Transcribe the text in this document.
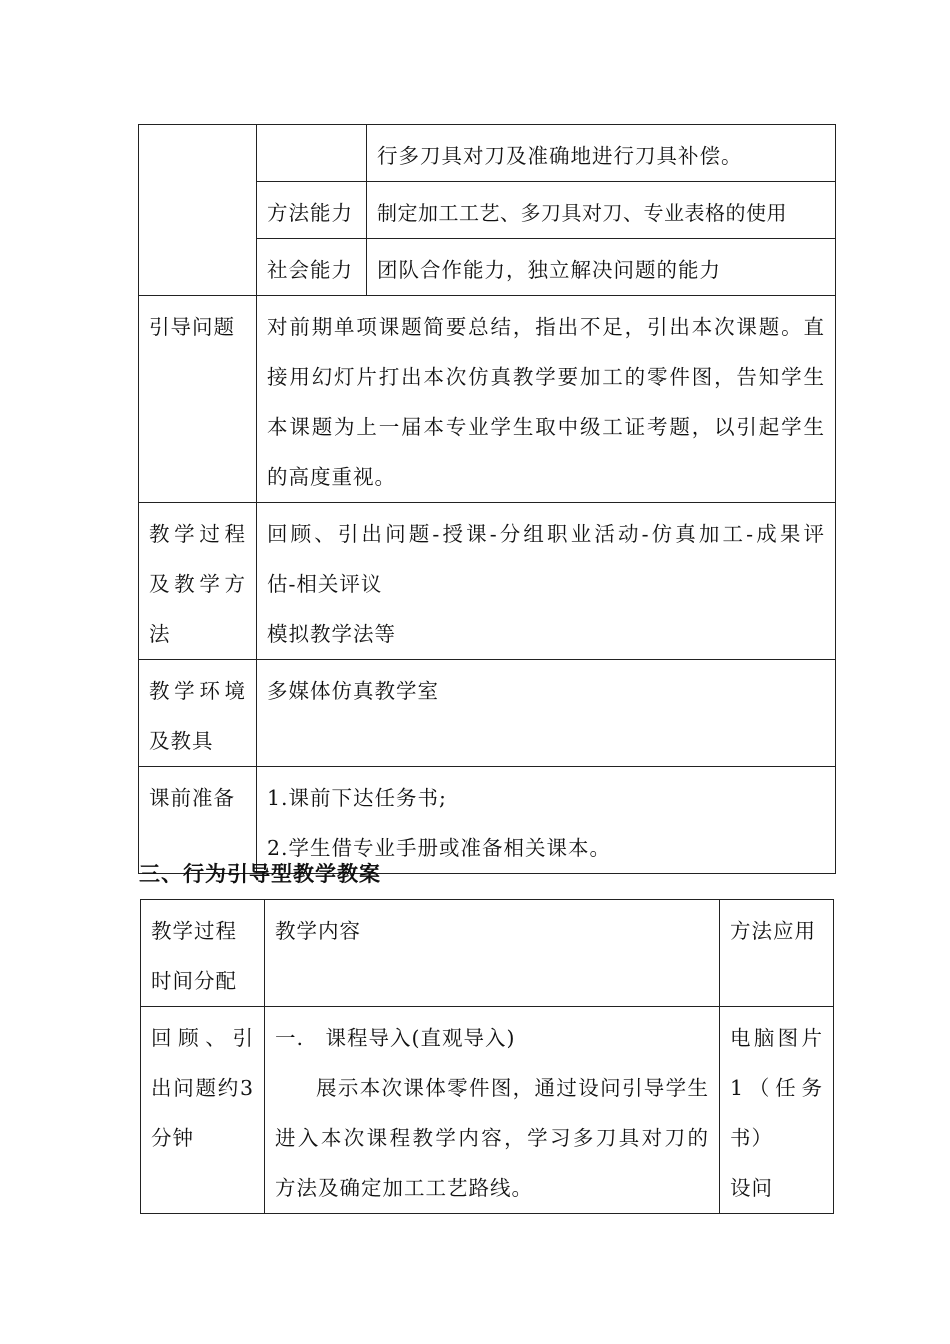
		行多刀具对刀及准确地进行刀具补偿。
	方法能力	制定加工工艺、多刀具对刀、专业表格的使用
	社会能力	团队合作能力，独立解决问题的能力
引导问题	对前期单项课题简要总结，指出不足，引出本次课题。直
接用幻灯片打出本次仿真教学要加工的零件图，告知学生
本课题为上一届本专业学生取中级工证考题，以引起学生
的高度重视。	

教学过程
及教学方
法	回顾、引出问题-授课-分组职业活动-仿真加工-成果评
估-相关评议
模拟教学法等	

教学环境
及教具	多媒体仿真教学室	
课前准备	1.课前下达任务书;
2.学生借专业手册或准备相关课本。	
三、行为引导型教学教案
教学过程
时间分配	教学内容	方法应用

回顾、引
出问题约3
分钟	一.　课程导入(直观导入)
展示本次课体零件图，通过设问引导学生
进入本次课程教学内容，学习多刀具对刀的
方法及确定加工工艺路线。	电脑图片
1（任务
书）
设问
